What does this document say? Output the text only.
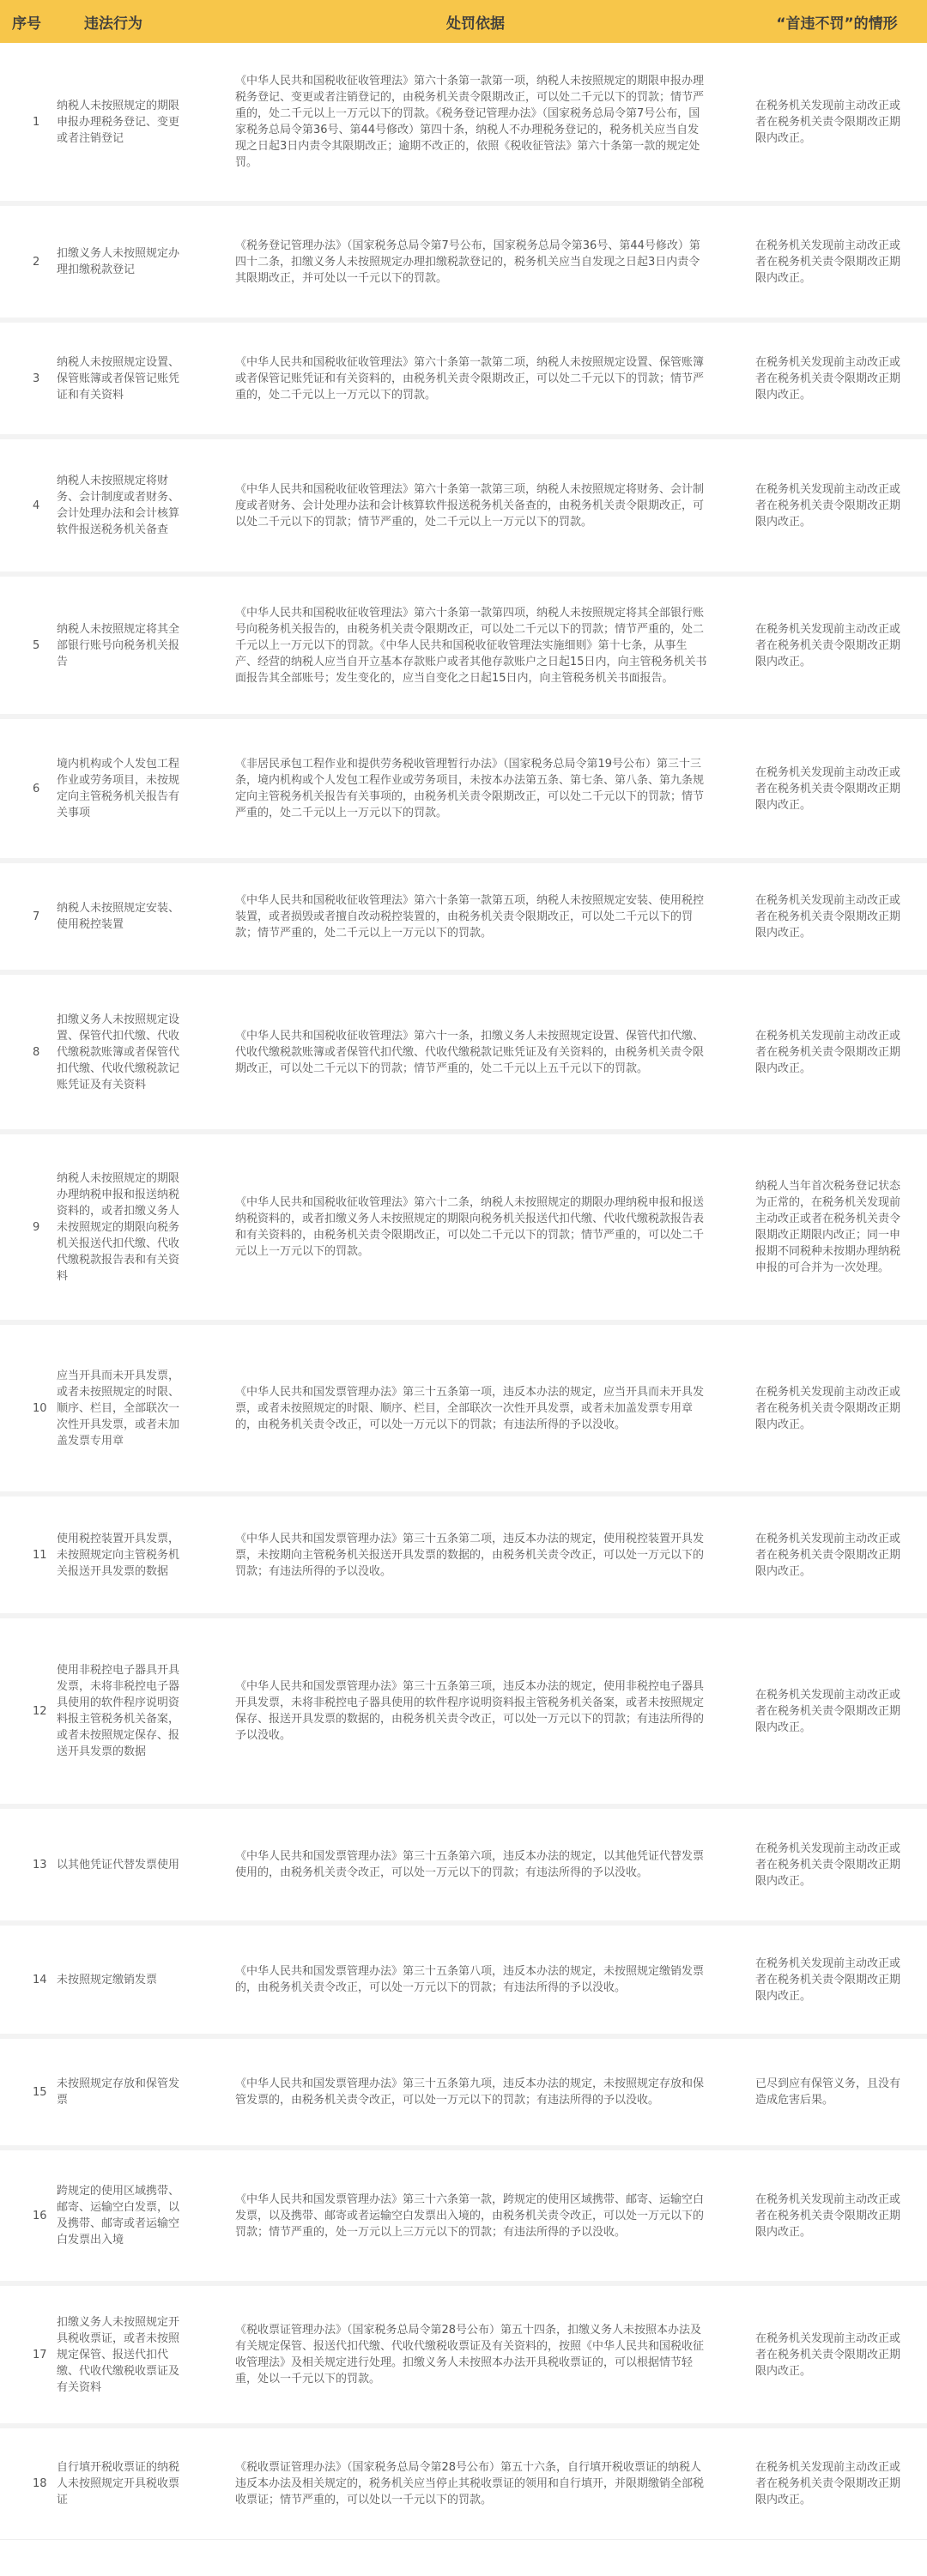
序号	违法行为	处罚依据	“首违不罚”的情形
1	纳税人未按照规定的期限申报办理税务登记、变更或者注销登记	《中华人民共和国税收征收管理法》第六十条第一款第一项，纳税人未按照规定的期限申报办理税务登记、变更或者注销登记的，由税务机关责令限期改正，可以处二千元以下的罚款；情节严重的，处二千元以上一万元以下的罚款。《税务登记管理办法》（国家税务总局令第7号公布，国家税务总局令第36号、第44号修改）第四十条，纳税人不办理税务登记的，税务机关应当自发现之日起3日内责令其限期改正；逾期不改正的，依照《税收征管法》第六十条第一款的规定处罚。	在税务机关发现前主动改正或者在税务机关责令限期改正期限内改正。
2	扣缴义务人未按照规定办理扣缴税款登记	《税务登记管理办法》（国家税务总局令第7号公布，国家税务总局令第36号、第44号修改）第四十二条，扣缴义务人未按照规定办理扣缴税款登记的，税务机关应当自发现之日起3日内责令其限期改正，并可处以一千元以下的罚款。	在税务机关发现前主动改正或者在税务机关责令限期改正期限内改正。
3	纳税人未按照规定设置、保管账簿或者保管记账凭证和有关资料	《中华人民共和国税收征收管理法》第六十条第一款第二项，纳税人未按照规定设置、保管账簿或者保管记账凭证和有关资料的，由税务机关责令限期改正，可以处二千元以下的罚款；情节严重的，处二千元以上一万元以下的罚款。	在税务机关发现前主动改正或者在税务机关责令限期改正期限内改正。
4	纳税人未按照规定将财务、会计制度或者财务、会计处理办法和会计核算软件报送税务机关备查	《中华人民共和国税收征收管理法》第六十条第一款第三项，纳税人未按照规定将财务、会计制度或者财务、会计处理办法和会计核算软件报送税务机关备查的，由税务机关责令限期改正，可以处二千元以下的罚款；情节严重的，处二千元以上一万元以下的罚款。	在税务机关发现前主动改正或者在税务机关责令限期改正期限内改正。
5	纳税人未按照规定将其全部银行账号向税务机关报告	《中华人民共和国税收征收管理法》第六十条第一款第四项，纳税人未按照规定将其全部银行账号向税务机关报告的，由税务机关责令限期改正，可以处二千元以下的罚款；情节严重的，处二千元以上一万元以下的罚款。《中华人民共和国税收征收管理法实施细则》第十七条，从事生产、经营的纳税人应当自开立基本存款账户或者其他存款账户之日起15日内，向主管税务机关书面报告其全部账号；发生变化的，应当自变化之日起15日内，向主管税务机关书面报告。	在税务机关发现前主动改正或者在税务机关责令限期改正期限内改正。
6	境内机构或个人发包工程作业或劳务项目，未按规定向主管税务机关报告有关事项	《非居民承包工程作业和提供劳务税收管理暂行办法》（国家税务总局令第19号公布）第三十三条，境内机构或个人发包工程作业或劳务项目，未按本办法第五条、第七条、第八条、第九条规定向主管税务机关报告有关事项的，由税务机关责令限期改正，可以处二千元以下的罚款；情节严重的，处二千元以上一万元以下的罚款。	在税务机关发现前主动改正或者在税务机关责令限期改正期限内改正。
7	纳税人未按照规定安装、使用税控装置	《中华人民共和国税收征收管理法》第六十条第一款第五项，纳税人未按照规定安装、使用税控装置，或者损毁或者擅自改动税控装置的，由税务机关责令限期改正，可以处二千元以下的罚款；情节严重的，处二千元以上一万元以下的罚款。	在税务机关发现前主动改正或者在税务机关责令限期改正期限内改正。
8	扣缴义务人未按照规定设置、保管代扣代缴、代收代缴税款账簿或者保管代扣代缴、代收代缴税款记账凭证及有关资料	《中华人民共和国税收征收管理法》第六十一条，扣缴义务人未按照规定设置、保管代扣代缴、代收代缴税款账簿或者保管代扣代缴、代收代缴税款记账凭证及有关资料的，由税务机关责令限期改正，可以处二千元以下的罚款；情节严重的，处二千元以上五千元以下的罚款。	在税务机关发现前主动改正或者在税务机关责令限期改正期限内改正。
9	纳税人未按照规定的期限办理纳税申报和报送纳税资料的，或者扣缴义务人未按照规定的期限向税务机关报送代扣代缴、代收代缴税款报告表和有关资料	《中华人民共和国税收征收管理法》第六十二条，纳税人未按照规定的期限办理纳税申报和报送纳税资料的，或者扣缴义务人未按照规定的期限向税务机关报送代扣代缴、代收代缴税款报告表和有关资料的，由税务机关责令限期改正，可以处二千元以下的罚款；情节严重的，可以处二千元以上一万元以下的罚款。	纳税人当年首次税务登记状态为正常的，在税务机关发现前主动改正或者在税务机关责令限期改正期限内改正；同一申报期不同税种未按期办理纳税申报的可合并为一次处理。
10	应当开具而未开具发票，或者未按照规定的时限、顺序、栏目，全部联次一次性开具发票，或者未加盖发票专用章	《中华人民共和国发票管理办法》第三十五条第一项，违反本办法的规定，应当开具而未开具发票，或者未按照规定的时限、顺序、栏目，全部联次一次性开具发票，或者未加盖发票专用章的，由税务机关责令改正，可以处一万元以下的罚款；有违法所得的予以没收。	在税务机关发现前主动改正或者在税务机关责令限期改正期限内改正。
11	使用税控装置开具发票，未按照规定向主管税务机关报送开具发票的数据	《中华人民共和国发票管理办法》第三十五条第二项，违反本办法的规定，使用税控装置开具发票，未按期向主管税务机关报送开具发票的数据的，由税务机关责令改正，可以处一万元以下的罚款；有违法所得的予以没收。	在税务机关发现前主动改正或者在税务机关责令限期改正期限内改正。
12	使用非税控电子器具开具发票，未将非税控电子器具使用的软件程序说明资料报主管税务机关备案，或者未按照规定保存、报送开具发票的数据	《中华人民共和国发票管理办法》第三十五条第三项，违反本办法的规定，使用非税控电子器具开具发票，未将非税控电子器具使用的软件程序说明资料报主管税务机关备案，或者未按照规定保存、报送开具发票的数据的，由税务机关责令改正，可以处一万元以下的罚款；有违法所得的予以没收。	在税务机关发现前主动改正或者在税务机关责令限期改正期限内改正。
13	以其他凭证代替发票使用	《中华人民共和国发票管理办法》第三十五条第六项，违反本办法的规定，以其他凭证代替发票使用的，由税务机关责令改正，可以处一万元以下的罚款；有违法所得的予以没收。	在税务机关发现前主动改正或者在税务机关责令限期改正期限内改正。
14	未按照规定缴销发票	《中华人民共和国发票管理办法》第三十五条第八项，违反本办法的规定，未按照规定缴销发票的，由税务机关责令改正，可以处一万元以下的罚款；有违法所得的予以没收。	在税务机关发现前主动改正或者在税务机关责令限期改正期限内改正。
15	未按照规定存放和保管发票	《中华人民共和国发票管理办法》第三十五条第九项，违反本办法的规定，未按照规定存放和保管发票的，由税务机关责令改正，可以处一万元以下的罚款；有违法所得的予以没收。	已尽到应有保管义务，且没有造成危害后果。
16	跨规定的使用区域携带、邮寄、运输空白发票，以及携带、邮寄或者运输空白发票出入境	《中华人民共和国发票管理办法》第三十六条第一款，跨规定的使用区域携带、邮寄、运输空白发票，以及携带、邮寄或者运输空白发票出入境的，由税务机关责令改正，可以处一万元以下的罚款；情节严重的，处一万元以上三万元以下的罚款；有违法所得的予以没收。	在税务机关发现前主动改正或者在税务机关责令限期改正期限内改正。
17	扣缴义务人未按照规定开具税收票证，或者未按照规定保管、报送代扣代缴、代收代缴税收票证及有关资料	《税收票证管理办法》（国家税务总局令第28号公布）第五十四条，扣缴义务人未按照本办法及有关规定保管、报送代扣代缴、代收代缴税收票证及有关资料的，按照《中华人民共和国税收征收管理法》及相关规定进行处理。扣缴义务人未按照本办法开具税收票证的，可以根据情节轻重，处以一千元以下的罚款。	在税务机关发现前主动改正或者在税务机关责令限期改正期限内改正。
18	自行填开税收票证的纳税人未按照规定开具税收票证	《税收票证管理办法》（国家税务总局令第28号公布）第五十六条，自行填开税收票证的纳税人违反本办法及相关规定的，税务机关应当停止其税收票证的领用和自行填开，并限期缴销全部税收票证；情节严重的，可以处以一千元以下的罚款。	在税务机关发现前主动改正或者在税务机关责令限期改正期限内改正。
